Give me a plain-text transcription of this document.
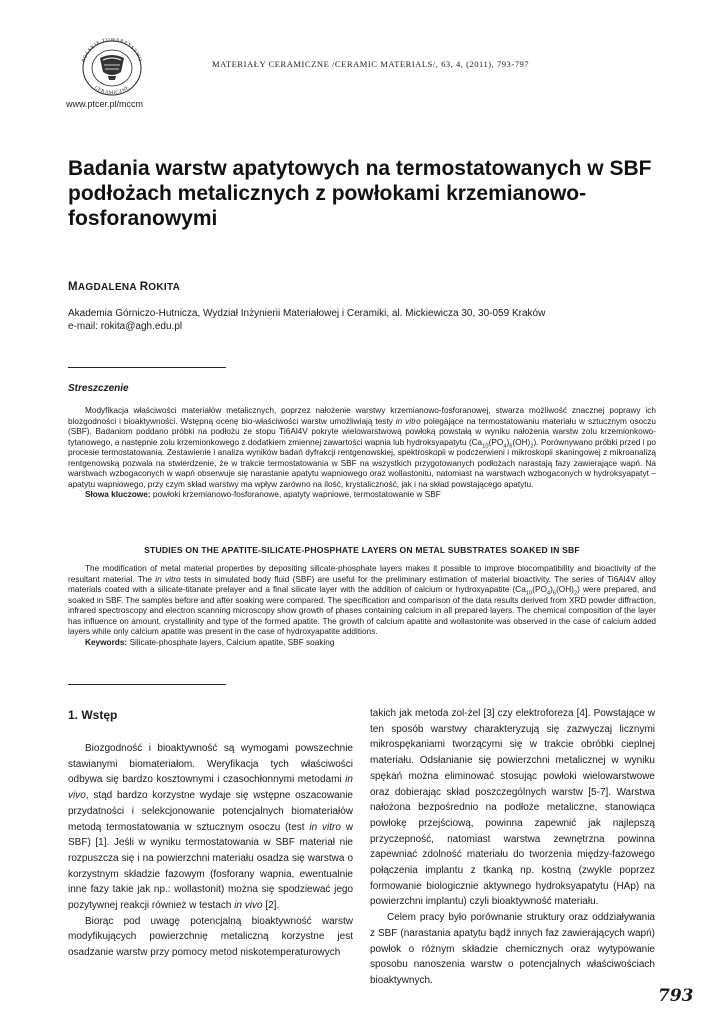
POLSKIE TOWARZYSTWO
CERAMICZNE
www.ptcer.pl/mccm
MATERIAŁY CERAMICZNE /CERAMIC MATERIALS/, 63, 4, (2011), 793-797
Badania warstw apatytowych na termostatowanych w SBF podłożach metalicznych z powłokami krzemianowo-fosforanowymi
MAGDALENA ROKITA
Akademia Górniczo-Hutnicza, Wydział Inżynierii Materiałowej i Ceramiki, al. Mickiewicza 30, 30-059 Kraków
e-mail: rokita@agh.edu.pl
Streszczenie

Modyfikacja właściwości materiałów metalicznych, poprzez nałożenie warstwy krzemianowo-fosforanowej, stwarza możliwość znacznej poprawy ich biozgodności i bioaktywności. Wstępną ocenę bio-właściwości warstw umożliwiają testy in vitro polegające na termostatowaniu materiału w sztucznym osoczu (SBF). Badaniom poddano próbki na podłożu ze stopu Ti6Al4V pokryte wielowarstwową powłoką powstałą w wyniku nałożenia warstw zolu krzemionkowo-tytanowego, a następnie zolu krzemionkowego z dodatkiem zmiennej zawartości wapnia lub hydroksyapatytu $(Ca_{10}(PO_4)_6(OH)_2)$. Porównywano próbki przed i po procesie termostatowania. Zestawienie i analiza wyników badań dyfrakcji rentgenowskiej, spektroskopii w podczerwieni i mikroskopii skaningowej z mikroanalizą rentgenowską pozwala na stwierdzenie, że w trakcie termostatowania w SBF na wszystkich przygotowanych podłożach narastają fazy zawierające wapń. Na warstwach wzbogaconych w wapń obserwuje się narastanie apatytu wapniowego oraz wollastonitu, natomiast na warstwach wzbogaconych w hydroksyapatyt – apatytu wapniowego, przy czym skład warstwy ma wpływ zarówno na ilość, krystaliczność, jak i na skład powstającego apatytu.

Słowa kluczowe: powłoki krzemianowo-fosforanowe, apatyty wapniowe, termostatowanie w SBF

STUDIES ON THE APATITE-SILICATE-PHOSPHATE LAYERS ON METAL SUBSTRATES SOAKED IN SBF

The modification of metal material properties by depositing silicate-phosphate layers makes it possible to improve biocompatibility and bioactivity of the resultant material. The in vitro tests in simulated body fluid (SBF) are useful for the preliminary estimation of material bioactivity. The series of Ti6Al4V alloy materials coated with a silicate-titanate prelayer and a final silicate layer with the addition of calcium or hydroxyapatite $(Ca_{10}(PO_4)_6(OH)_2)$ were prepared, and soaked in SBF. The samples before and after soaking were compared. The specification and comparison of the data results derived from XRD powder diffraction, infrared spectroscopy and electron scanning microscopy show growth of phases containing calcium in all prepared layers. The chemical composition of the layer has influence on amount, crystallinity and type of the formed apatite. The growth of calcium apatite and wollastonite was observed in the case of calcium added layers while only calcium apatite was present in the case of hydroxyapatite additions.

Keywords: Silicate-phosphate layers, Calcium apatite, SBF soaking

1. Wstęp

Biozgodność i bioaktywność są wymogami powszechnie stawianymi biomateriałom. Weryfikacja tych właściwości odbywa się bardzo kosztownymi i czasochłonnymi metodami in vivo, stąd bardzo korzystne wydaje się wstępne oszacowanie przydatności i selekcjonowanie potencjalnych biomateriałów metodą termostatowania w sztucznym osoczu (test in vitro w SBF) [1]. Jeśli w wyniku termostatowania w SBF materiał nie rozpuszcza się i na powierzchni materiału osadza się warstwa o korzystnym składzie fazowym (fosforany wapnia, ewentualnie inne fazy takie jak np.: wollastonit) można się spodziewać jego pozytywnej reakcji również w testach in vivo [2].

Biorąc pod uwagę potencjalną bioaktywność warstw modyfikujących powierzchnię metaliczną korzystne jest osadzanie warstw przy pomocy metod niskotemperaturowych

takich jak metoda zol-żel [3] czy elektroforeza [4]. Powstające w ten sposób warstwy charakteryzują się zazwyczaj licznymi mikrospękaniami tworzącymi się w trakcie obróbki cieplnej materiału. Odsłanianie się powierzchni metalicznej w wyniku spękań można eliminować stosując powłoki wielowarstwowe oraz dobierając skład poszczególnych warstw [5-7]. Warstwa nałożona bezpośrednio na podłoże metaliczne, stanowiąca powłokę przejściową, powinna zapewnić jak najlepszą przyczepność, natomiast warstwa zewnętrzna powinna zapewniać zdolność materiału do tworzenia między-fazowego połączenia implantu z tkanką np. kostną (zwykle poprzez formowanie biologicznie aktywnego hydroksyapatytu (HAp) na powierzchni implantu) czyli bioaktywność materiału.

Celem pracy było porównanie struktury oraz oddziaływania z SBF (narastania apatytu bądź innych faz zawierających wapń) powłok o różnym składzie chemicznych oraz wytypowanie sposobu nanoszenia warstw o potencjalnych właściwościach bioaktywnych.

793
